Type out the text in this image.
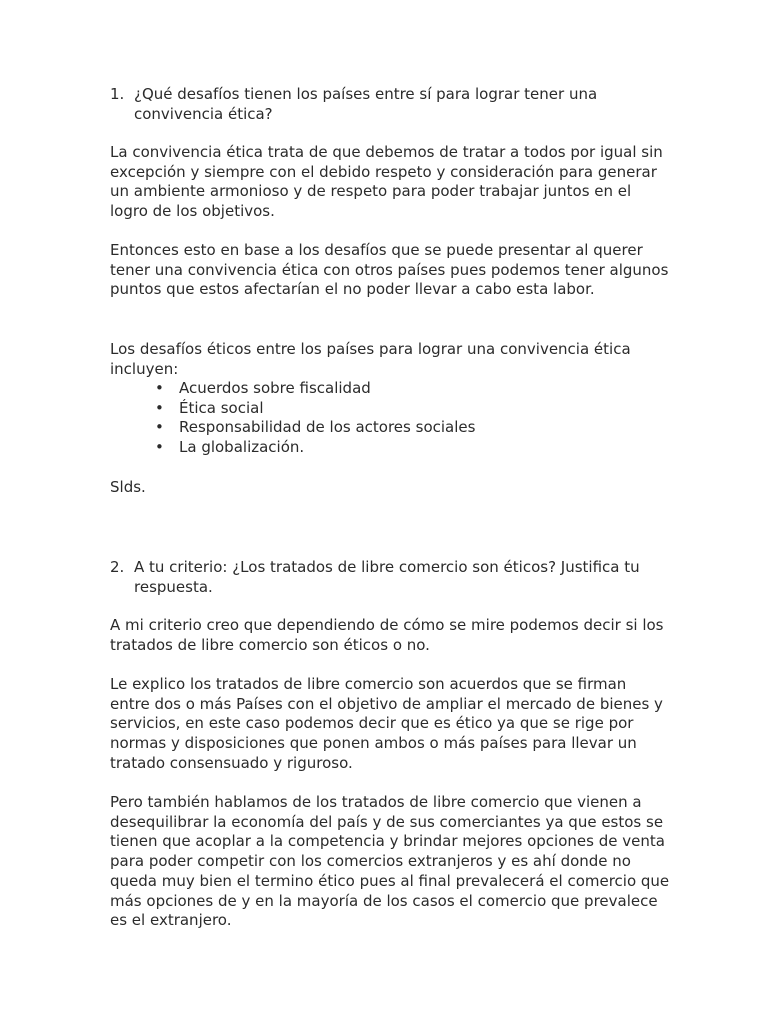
1. ¿Qué desafíos tienen los países entre sí para lograr tener una convivencia ética?

La convivencia ética trata de que debemos de tratar a todos por igual sin excepción y siempre con el debido respeto y consideración para generar un ambiente armonioso y de respeto para poder trabajar juntos en el logro de los objetivos.

Entonces esto en base a los desafíos que se puede presentar al querer tener una convivencia ética con otros países pues podemos tener algunos puntos que estos afectarían el no poder llevar a cabo esta labor.

Los desafíos éticos entre los países para lograr una convivencia ética incluyen:

• Acuerdos sobre fiscalidad
• Ética social
• Responsabilidad de los actores sociales
• La globalización.

Slds.

2. A tu criterio: ¿Los tratados de libre comercio son éticos? Justifica tu respuesta.

A mi criterio creo que dependiendo de cómo se mire podemos decir si los tratados de libre comercio son éticos o no.

Le explico los tratados de libre comercio son acuerdos que se firman entre dos o más Países con el objetivo de ampliar el mercado de bienes y servicios, en este caso podemos decir que es ético ya que se rige por normas y disposiciones que ponen ambos o más países para llevar un tratado consensuado y riguroso.

Pero también hablamos de los tratados de libre comercio que vienen a desequilibrar la economía del país y de sus comerciantes ya que estos se tienen que acoplar a la competencia y brindar mejores opciones de venta para poder competir con los comercios extranjeros y es ahí donde no queda muy bien el termino ético pues al final prevalecerá el comercio que más opciones de y en la mayoría de los casos el comercio que prevalece es el extranjero.
